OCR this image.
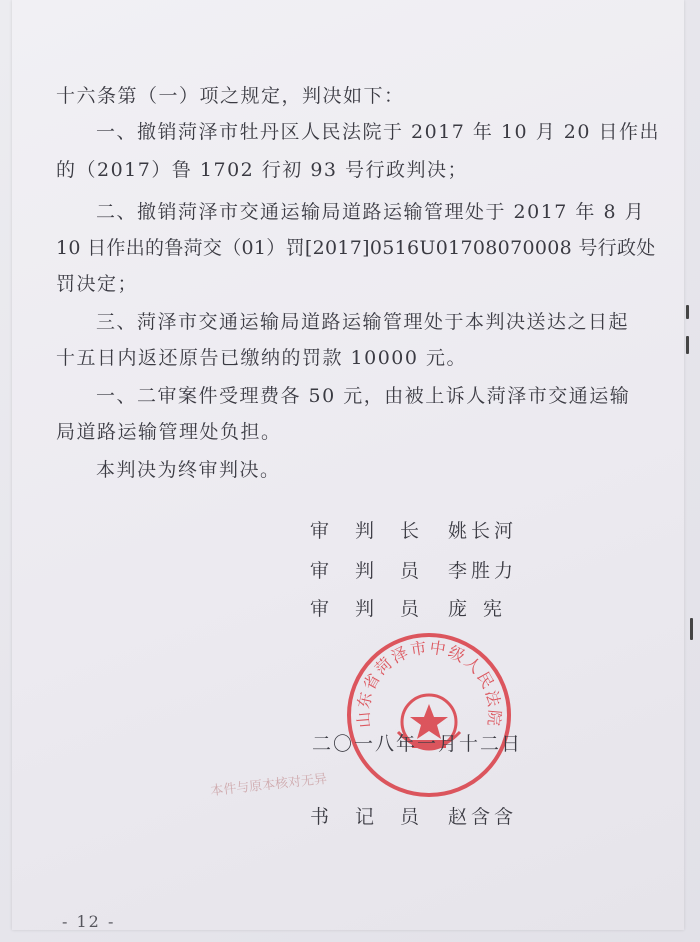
十六条第（一）项之规定，判决如下：
一、撤销菏泽市牡丹区人民法院于 2017 年 10 月 20 日作出
的（2017）鲁 1702 行初 93 号行政判决；
二、撤销菏泽市交通运输局道路运输管理处于 2017 年 8 月
10 日作出的鲁菏交（01）罚[2017]0516U01708070008 号行政处
罚决定；
三、菏泽市交通运输局道路运输管理处于本判决送达之日起
十五日内返还原告已缴纳的罚款 10000 元。
一、二审案件受理费各 50 元，由被上诉人菏泽市交通运输
局道路运输管理处负担。
本判决为终审判决。
审判长 姚长河
审判员 李胜力
审判员 庞宪
山东省菏泽市中级人民法院
二〇一八年一月十二日
本件与原本核对无异
书记员 赵含含
- 12 -
